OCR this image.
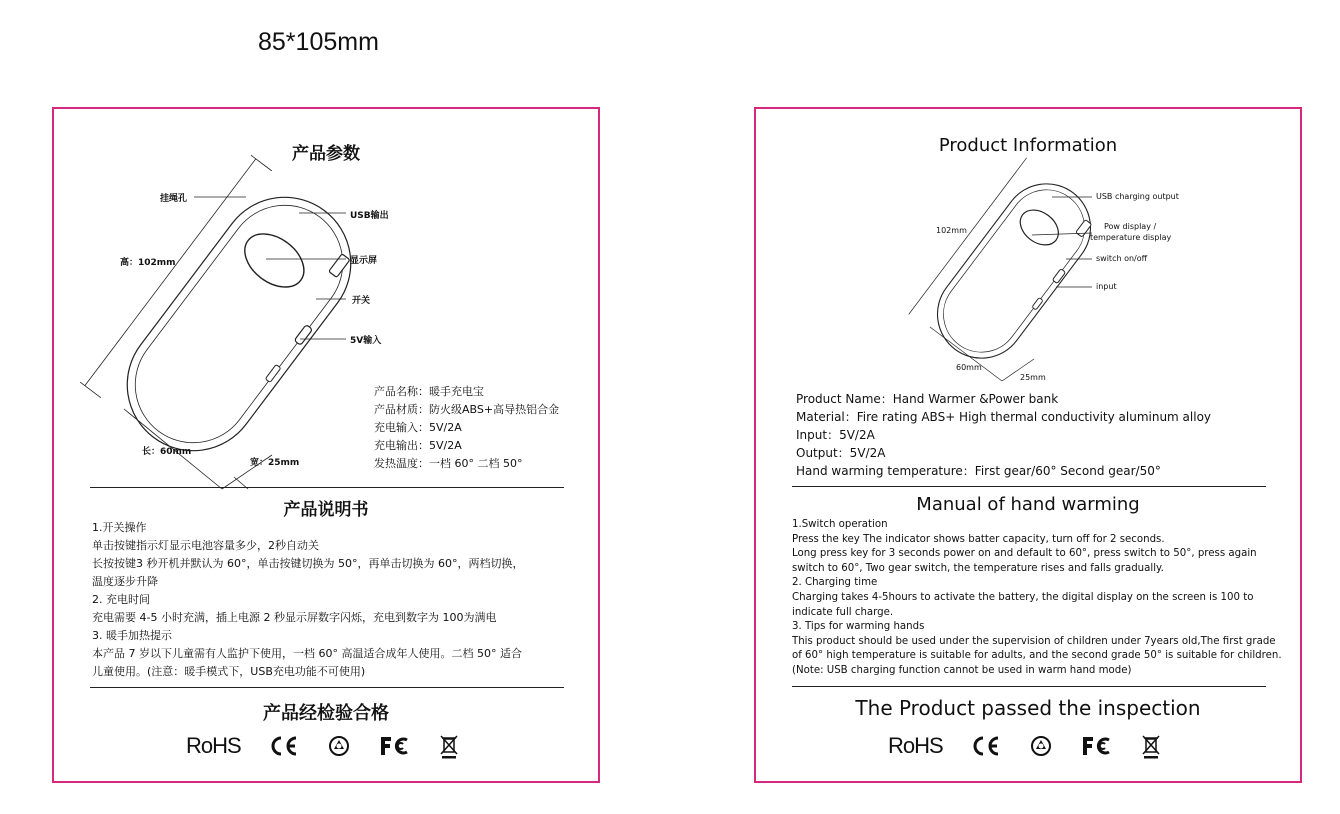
85*105mm
产品参数
挂绳孔
USB输出
显示屏
开关
5V输入
高：102mm
长：60mm
宽：25mm
产品名称：暖手充电宝
产品材质：防火级ABS+高导热铝合金
充电输入：5V/2A
充电输出：5V/2A
发热温度：一档 60° 二档 50°
产品说明书
1.开关操作
单击按键指示灯显示电池容量多少，2秒自动关
长按按键3 秒开机并默认为 60°，单击按键切换为 50°，再单击切换为 60°，两档切换，
温度逐步升降
2. 充电时间
充电需要 4-5 小时充满，插上电源 2 秒显示屏数字闪烁，充电到数字为 100为满电
3. 暖手加热提示
本产品 7 岁以下儿童需有人监护下使用，一档 60° 高温适合成年人使用。二档 50° 适合
儿童使用。(注意：暖手模式下，USB充电功能不可使用)
产品经检验合格
RoHS
Product Information
USB charging output
Pow display /
temperature display
switch on/off
input
102mm
60mm
25mm
Product Name：Hand Warmer &Power bank
Material：Fire rating ABS+ High thermal conductivity aluminum alloy
Input：5V/2A
Output：5V/2A
Hand warming temperature：First gear/60° Second gear/50°
Manual of hand warming
1.Switch operation
Press the key The indicator shows batter capacity, turn off for 2 seconds.
Long press key for 3 seconds power on and default to 60°, press switch to 50°, press again
switch to 60°, Two gear switch, the temperature rises and falls gradually.
2. Charging time
Charging takes 4-5hours to activate the battery, the digital display on the screen is 100 to
indicate full charge.
3. Tips for warming hands
This product should be used under the supervision of children under 7years old,The first grade
of 60° high temperature is suitable for adults, and the second grade 50° is suitable for children.
(Note: USB charging function cannot be used in warm hand mode)
The Product passed the inspection
RoHS
